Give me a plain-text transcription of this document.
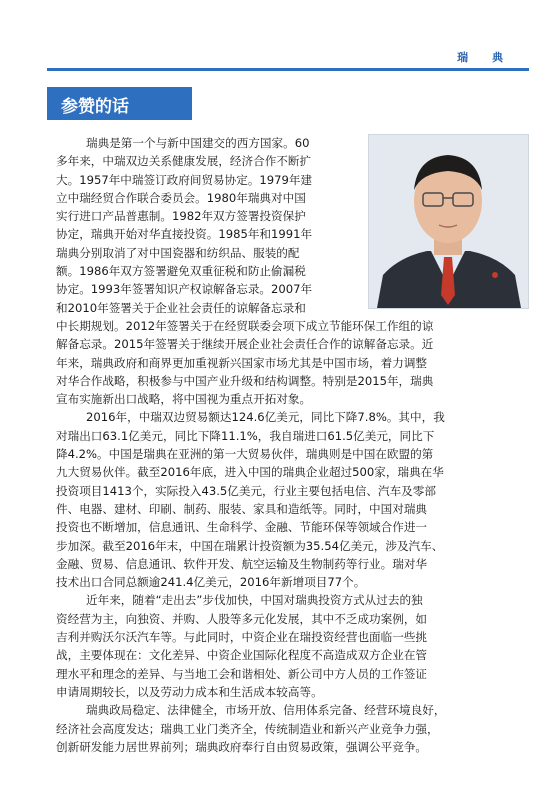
瑞 典
参赞的话
瑞典是第一个与新中国建交的西方国家。60
多年来，中瑞双边关系健康发展，经济合作不断扩
大。1957年中瑞签订政府间贸易协定。1979年建
立中瑞经贸合作联合委员会。1980年瑞典对中国
实行进口产品普惠制。1982年双方签署投资保护
协定，瑞典开始对华直接投资。1985年和1991年
瑞典分别取消了对中国瓷器和纺织品、服装的配
额。1986年双方签署避免双重征税和防止偷漏税
协定。1993年签署知识产权谅解备忘录。2007年
和2010年签署关于企业社会责任的谅解备忘录和
中长期规划。2012年签署关于在经贸联委会项下成立节能环保工作组的谅
解备忘录。2015年签署关于继续开展企业社会责任合作的谅解备忘录。近
年来，瑞典政府和商界更加重视新兴国家市场尤其是中国市场，着力调整
对华合作战略，积极参与中国产业升级和结构调整。特别是2015年，瑞典
宣布实施新出口战略，将中国视为重点开拓对象。
2016年，中瑞双边贸易额达124.6亿美元，同比下降7.8%。其中，我
对瑞出口63.1亿美元，同比下降11.1%，我自瑞进口61.5亿美元，同比下
降4.2%。中国是瑞典在亚洲的第一大贸易伙伴，瑞典则是中国在欧盟的第
九大贸易伙伴。截至2016年底，进入中国的瑞典企业超过500家，瑞典在华
投资项目1413个，实际投入43.5亿美元，行业主要包括电信、汽车及零部
件、电器、建材、印刷、制药、服装、家具和造纸等。同时，中国对瑞典
投资也不断增加，信息通讯、生命科学、金融、节能环保等领域合作进一
步加深。截至2016年末，中国在瑞累计投资额为35.54亿美元，涉及汽车、
金融、贸易、信息通讯、软件开发、航空运输及生物制药等行业。瑞对华
技术出口合同总额逾241.4亿美元，2016年新增项目77个。
近年来，随着“走出去”步伐加快，中国对瑞典投资方式从过去的独
资经营为主，向独资、并购、人股等多元化发展，其中不乏成功案例，如
吉利并购沃尔沃汽车等。与此同时，中资企业在瑞投资经营也面临一些挑
战，主要体现在：文化差异、中资企业国际化程度不高造成双方企业在管
理水平和理念的差异、与当地工会和谐相处、新公司中方人员的工作签证
申请周期较长，以及劳动力成本和生活成本较高等。
瑞典政局稳定、法律健全，市场开放、信用体系完备、经营环境良好，
经济社会高度发达；瑞典工业门类齐全，传统制造业和新兴产业竞争力强，
创新研发能力居世界前列；瑞典政府奉行自由贸易政策，强调公平竞争。
